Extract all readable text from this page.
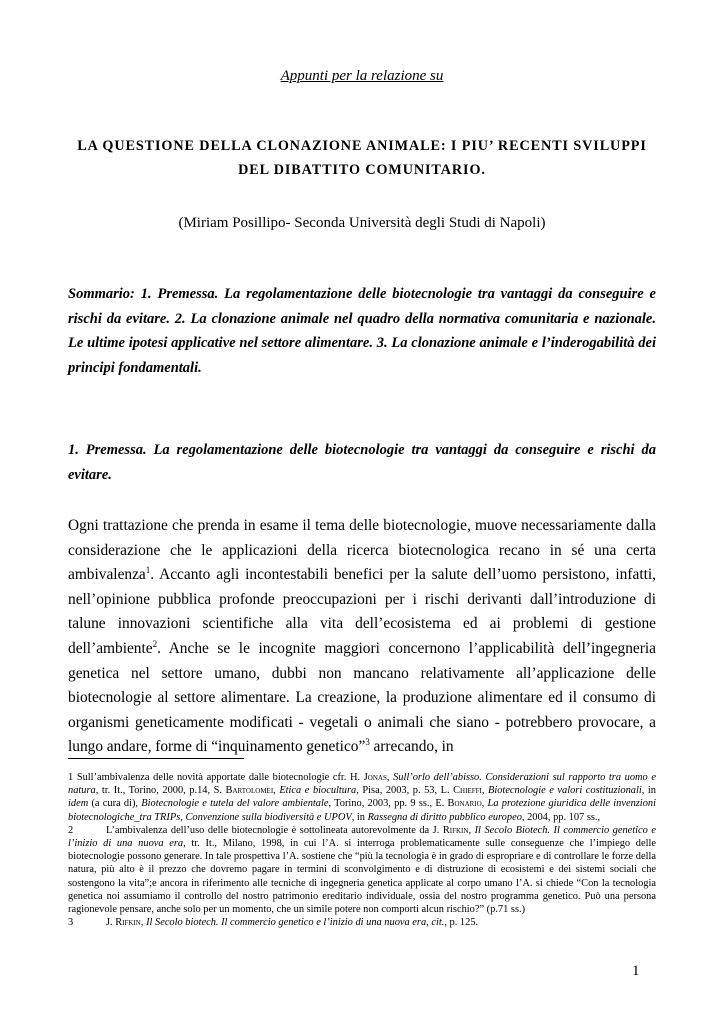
Appunti per la relazione su
LA QUESTIONE DELLA CLONAZIONE ANIMALE: I PIU’ RECENTI SVILUPPI
DEL DIBATTITO COMUNITARIO.
(Miriam Posillipo- Seconda Università degli Studi di Napoli)
Sommario: 1. Premessa. La regolamentazione delle biotecnologie tra vantaggi da conseguire e rischi da evitare. 2. La clonazione animale nel quadro della normativa comunitaria e nazionale. Le ultime ipotesi applicative nel settore alimentare. 3. La clonazione animale e l’inderogabilità dei principi fondamentali.
1. Premessa. La regolamentazione delle biotecnologie tra vantaggi da conseguire e rischi da evitare.
Ogni trattazione che prenda in esame il tema delle biotecnologie, muove necessariamente dalla considerazione che le applicazioni della ricerca biotecnologica recano in sé una certa ambivalenza$^1$. Accanto agli incontestabili benefici per la salute dell’uomo persistono, infatti, nell’opinione pubblica profonde preoccupazioni per i rischi derivanti dall’introduzione di talune innovazioni scientifiche alla vita dell’ecosistema ed ai problemi di gestione dell’ambiente$^2$. Anche se le incognite maggiori concernono l’applicabilità dell’ingegneria genetica nel settore umano, dubbi non mancano relativamente all’applicazione delle biotecnologie al settore alimentare. La creazione, la produzione alimentare ed il consumo di organismi geneticamente modificati - vegetali o animali che siano - potrebbero provocare, a lungo andare, forme di “inquinamento genetico”$^3$ arrecando, in

1 Sull’ambivalenza delle novità apportate dalle biotecnologie cfr. H. Jonas, Sull’orlo dell’abisso. Considerazioni sul rapporto tra uomo e natura, tr. It., Torino, 2000, p.14, S. Bartolomei, Etica e biocultura, Pisa, 2003, p. 53, L. Chieffi, Biotecnologie e valori costituzionali, in idem (a cura di), Biotecnologie e tutela del valore ambientale, Torino, 2003, pp. 9 ss., E. Bonario, La protezione giuridica delle invenzioni biotecnologiche_tra TRIPs, Convenzione sulla biodiversità e UPOV, in Rassegna di diritto pubblico europeo, 2004, pp. 107 ss.,

2	L’ambivalenza dell’uso delle biotecnologie è sottolineata autorevolmente da J. Rifkin, Il Secolo Biotech. Il commercio genetico e l’inizio di una nuova era, tr. It., Milano, 1998, in cui l’A. si interroga problematicamente sulle conseguenze che l’impiego delle biotecnologie possono generare. In tale prospettiva l’A. sostiene che “più la tecnologia è in grado di espropriare e di controllare le forze della natura, più alto è il prezzo che dovremo pagare in termini di sconvolgimento e di distruzione di ecosistemi e dei sistemi sociali che sostengono la vita”;e ancora in riferimento alle tecniche di ingegneria genetica applicate al corpo umano l’A. si chiede “Con la tecnologia genetica noi assumiamo il controllo del nostro patrimonio ereditario individuale, ossia del nostro programma genetico. Può una persona ragionevole pensare, anche solo per un momento, che un simile potere non comporti alcun rischio?” (p.71 ss.)

3	J. Rifkin, Il Secolo biotech. Il commercio genetico e l’inizio di una nuova era, cit., p. 125.

1
